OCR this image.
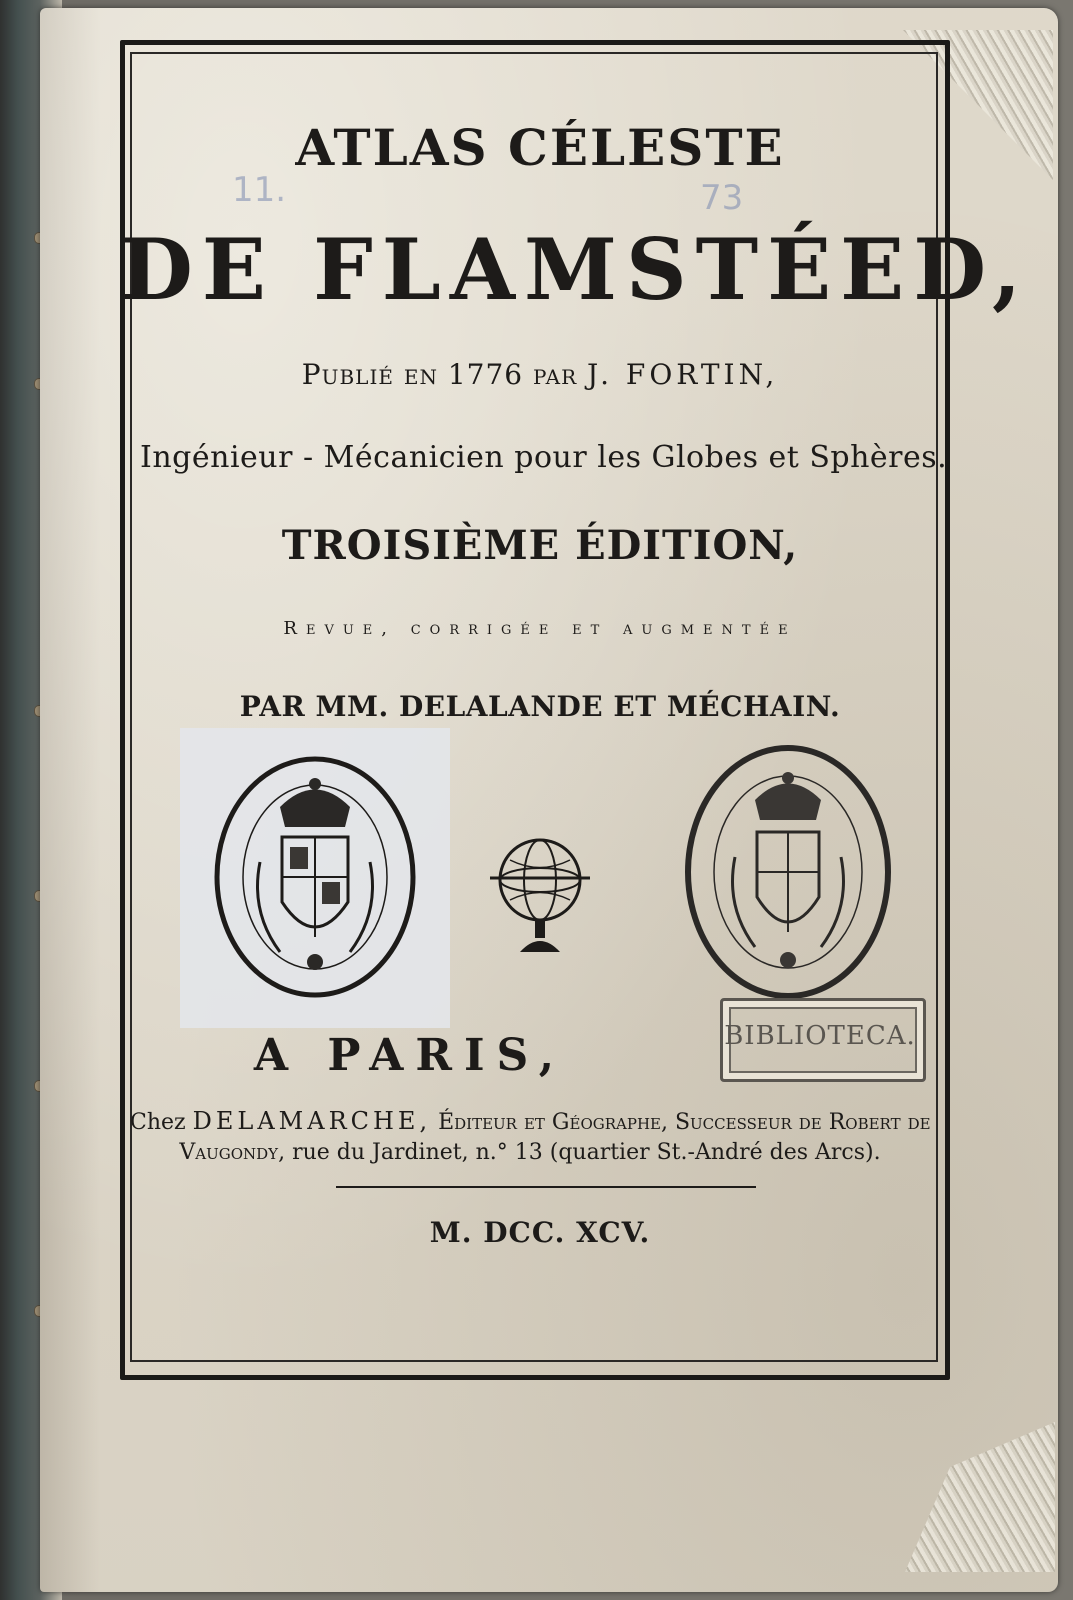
11.	73
ATLAS CÉLESTE
DE FLAMSTÉED,
Publié en 1776 par J. FORTIN,
Ingénieur - Mécanicien pour les Globes et Sphères.
TROISIÈME ÉDITION,
Revue, corrigée et augmentée
PAR MM. DELALANDE ET MÉCHAIN.
BIBLIOTECA.
A PARIS,
Chez DELAMARCHE, Éditeur et Géographe, Successeur de Robert de
Vaugondy, rue du Jardinet, n.° 13 (quartier St.-André des Arcs).
M. DCC. XCV.
